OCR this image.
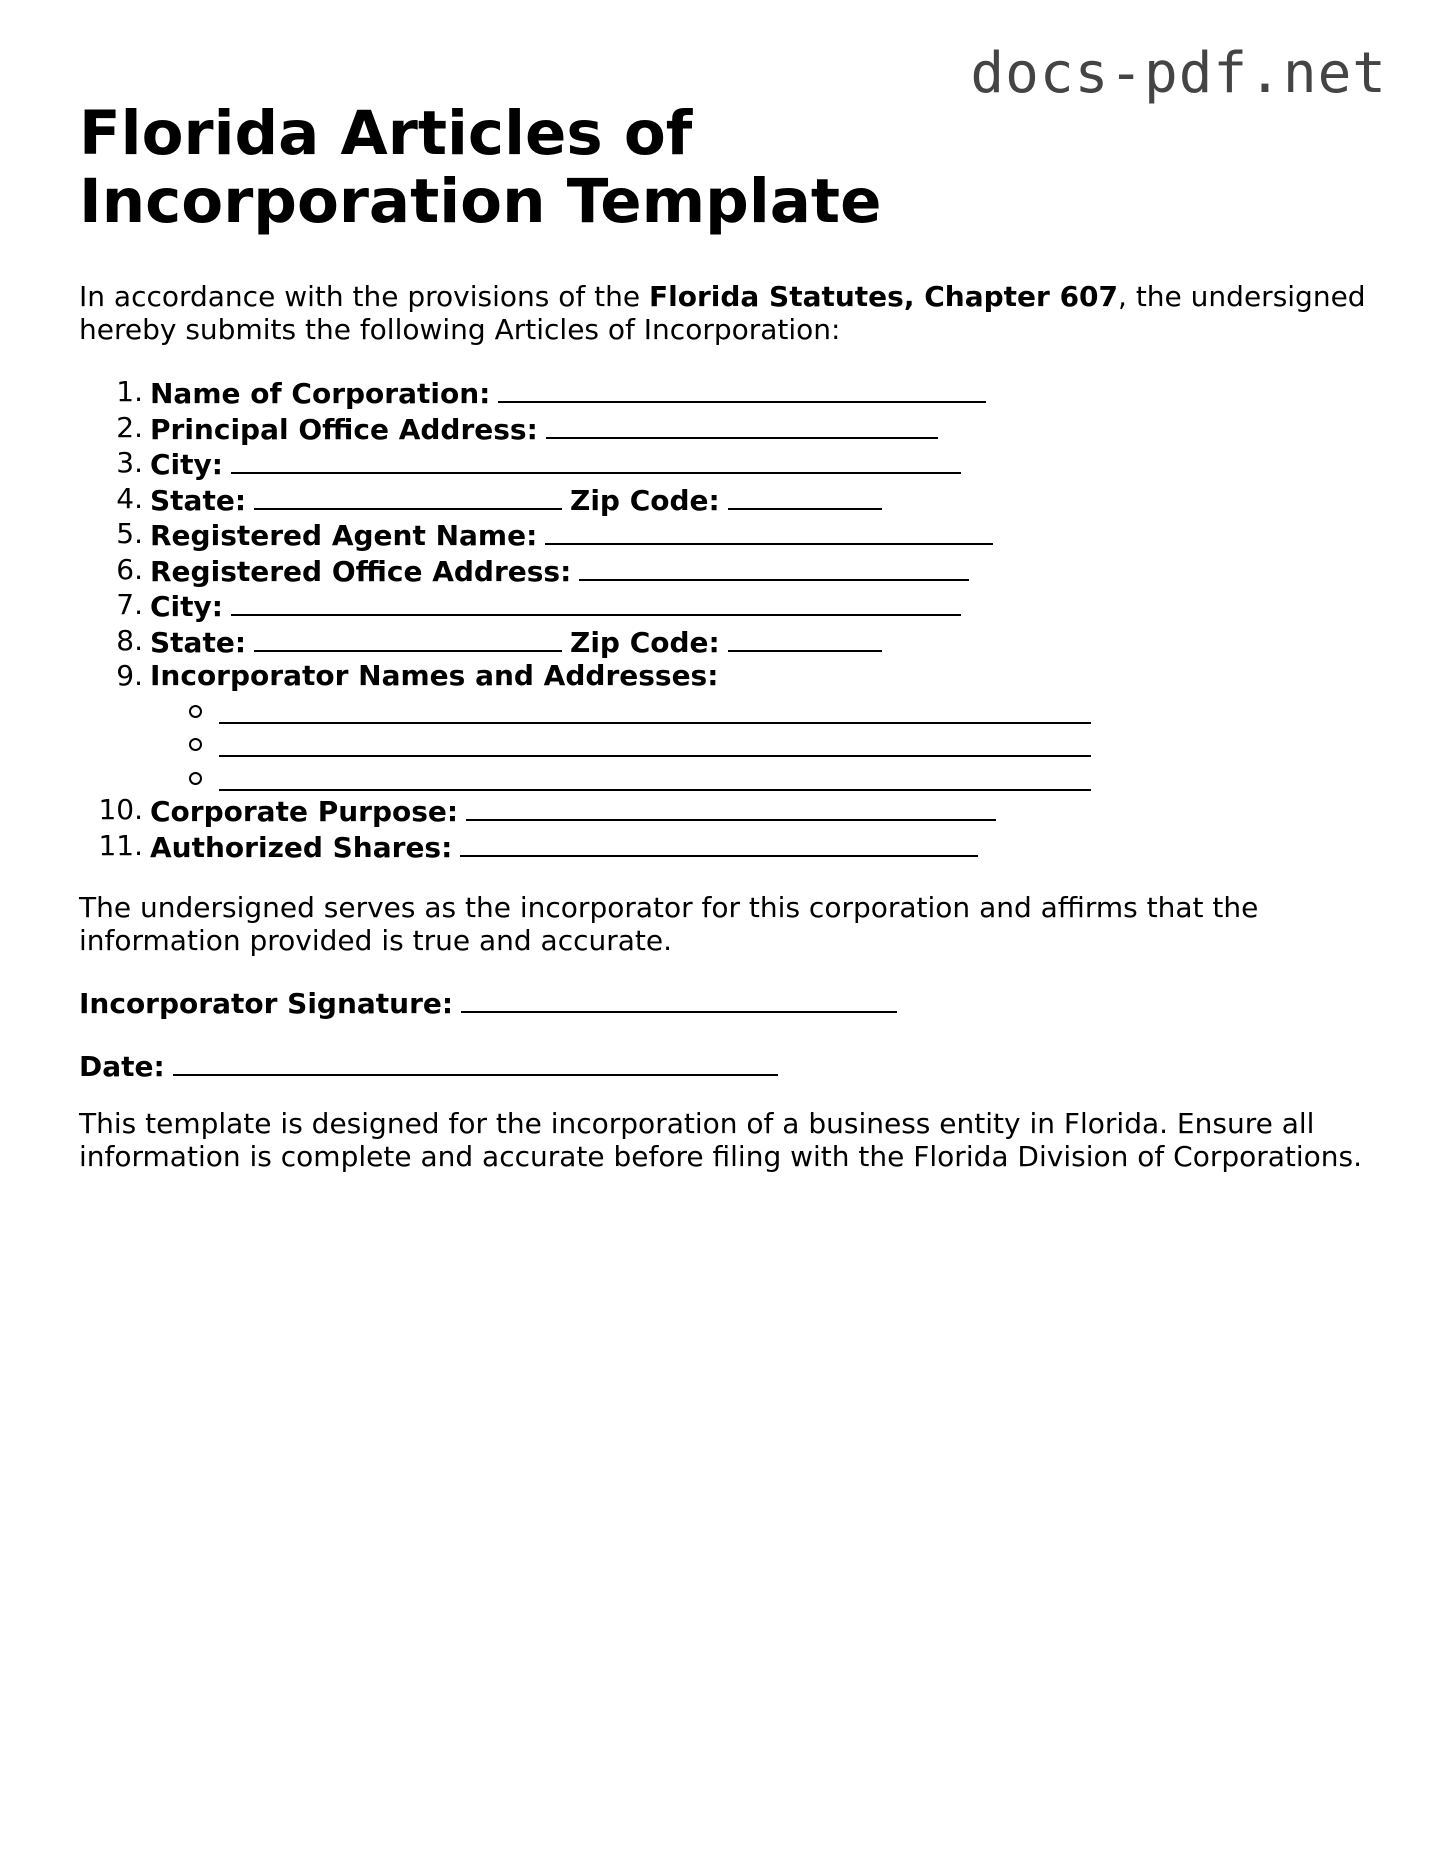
docs-pdf.net
Florida Articles of Incorporation Template

In accordance with the provisions of the Florida Statutes, Chapter 607, the undersigned hereby submits the following Articles of Incorporation:

1. Name of Corporation:
2. Principal Office Address:
3. City:
4. State:	Zip Code:
5. Registered Agent Name:
6. Registered Office Address:
7. City:
8. State:	Zip Code:
9. Incorporator Names and Addresses:
10. Corporate Purpose:
11. Authorized Shares:

The undersigned serves as the incorporator for this corporation and affirms that the information provided is true and accurate.

Incorporator Signature:

Date:

This template is designed for the incorporation of a business entity in Florida. Ensure all information is complete and accurate before filing with the Florida Division of Corporations.
